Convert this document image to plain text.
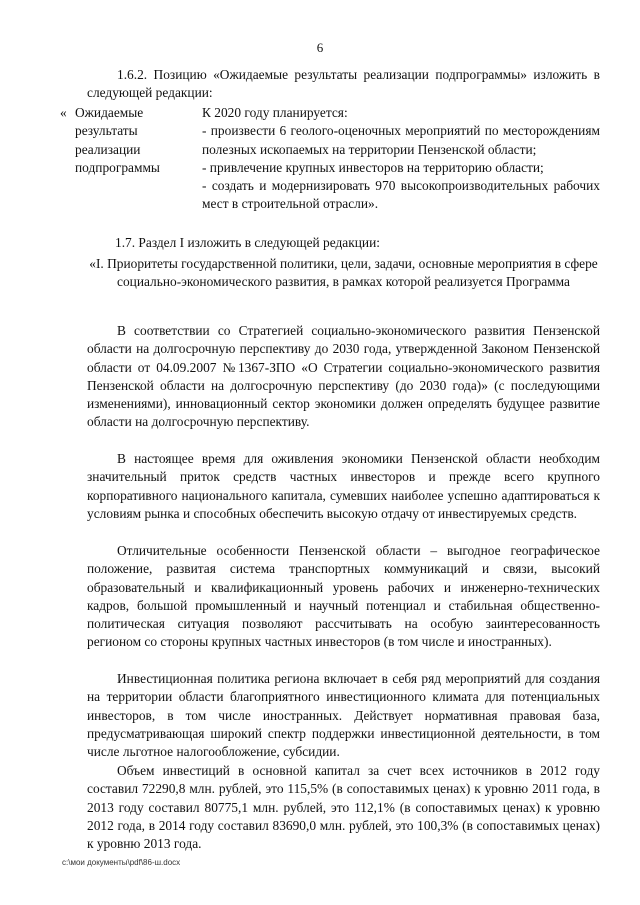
6
1.6.2. Позицию «Ожидаемые результаты реализации подпрограммы» изложить в следующей редакции:
« Ожидаемые результаты реализации подпрограммы
К 2020 году планируется:
- произвести 6 геолого-оценочных мероприятий по месторождениям полезных ископаемых на территории Пензенской области;
- привлечение крупных инвесторов на территорию области;
- создать и модернизировать 970 высокопроизводительных рабочих мест в строительной отрасли».
1.7. Раздел I изложить в следующей редакции:
«I. Приоритеты государственной политики, цели, задачи, основные мероприятия в сфере социально-экономического развития, в рамках которой реализуется Программа
В соответствии со Стратегией социально-экономического развития Пензенской области на долгосрочную перспективу до 2030 года, утвержденной Законом Пензенской области от 04.09.2007 №1367-ЗПО «О Стратегии социально-экономического развития Пензенской области на долгосрочную перспективу (до 2030 года)» (с последующими изменениями), инновационный сектор экономики должен определять будущее развитие области на долгосрочную перспективу.
В настоящее время для оживления экономики Пензенской области необходим значительный приток средств частных инвесторов и прежде всего крупного корпоративного национального капитала, сумевших наиболее успешно адаптироваться к условиям рынка и способных обеспечить высокую отдачу от инвестируемых средств.
Отличительные особенности Пензенской области – выгодное географическое положение, развитая система транспортных коммуникаций и связи, высокий образовательный и квалификационный уровень рабочих и инженерно-технических кадров, большой промышленный и научный потенциал и стабильная общественно-политическая ситуация позволяют рассчитывать на особую заинтересованность регионом со стороны крупных частных инвесторов (в том числе и иностранных).
Инвестиционная политика региона включает в себя ряд мероприятий для создания на территории области благоприятного инвестиционного климата для потенциальных инвесторов, в том числе иностранных. Действует нормативная правовая база, предусматривающая широкий спектр поддержки инвестиционной деятельности, в том числе льготное налогообложение, субсидии.
Объем инвестиций в основной капитал за счет всех источников в 2012 году составил 72290,8 млн. рублей, это 115,5% (в сопоставимых ценах) к уровню 2011 года, в 2013 году составил 80775,1 млн. рублей, это 112,1% (в сопоставимых ценах) к уровню 2012 года, в 2014 году составил 83690,0 млн. рублей, это 100,3% (в сопоставимых ценах) к уровню 2013 года.
c:\мои документы\pdf\86-ш.docx
